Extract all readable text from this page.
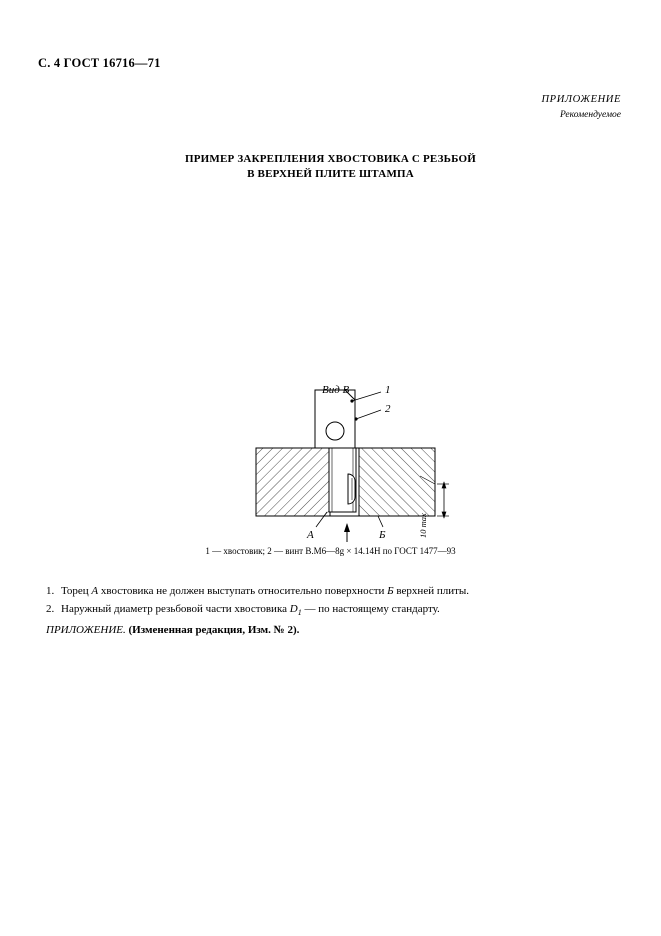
С. 4 ГОСТ 16716—71
ПРИЛОЖЕНИЕ
Рекомендуемое
ПРИМЕР ЗАКРЕПЛЕНИЯ ХВОСТОВИКА С РЕЗЬБОЙ
В ВЕРХНЕЙ ПЛИТЕ ШТАМПА
1
2
А	Б	10 max
Вид В
1 — хвостовик; 2 — винт B.M6—8g × 14.14H по ГОСТ 1477—93
1. Торец А хвостовика не должен выступать относительно поверхности Б верхней плиты.
2. Наружный диаметр резьбовой части хвостовика $D_1$ — по настоящему стандарту.
ПРИЛОЖЕНИЕ. (Измененная редакция, Изм. № 2).
